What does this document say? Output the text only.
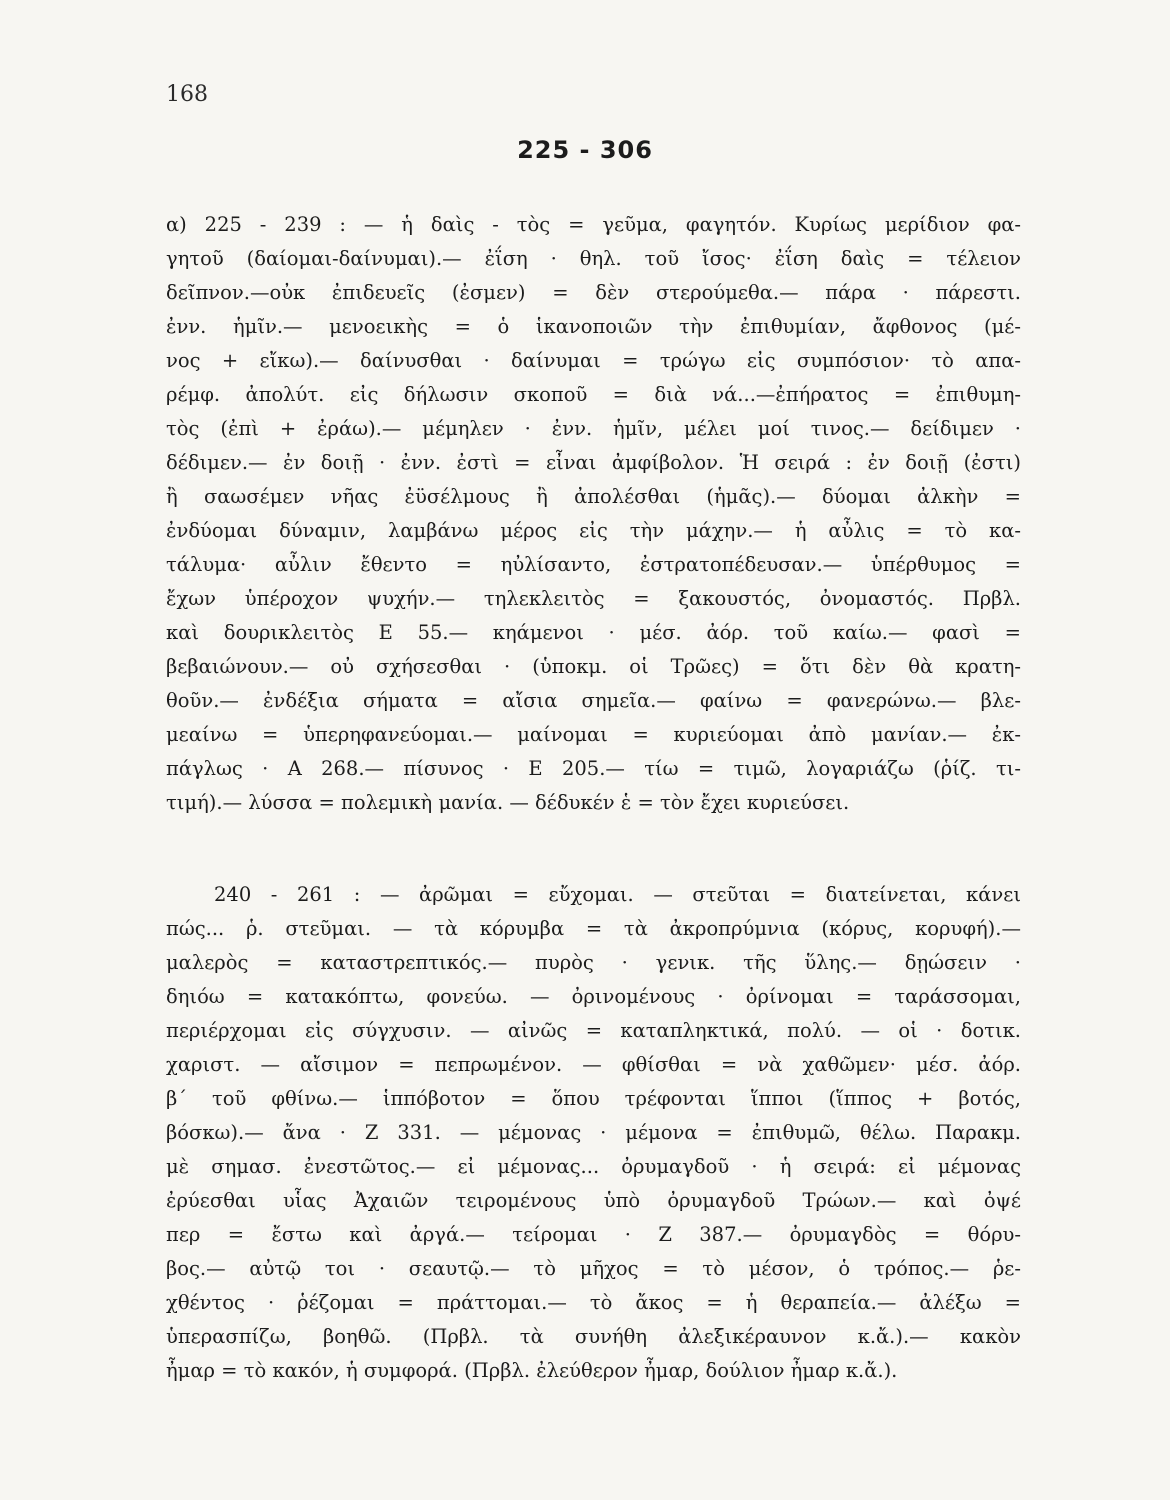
168
225 - 306
α) 225 - 239 : — ἡ δαὶς - τὸς = γεῦμα, φαγητόν. Κυρίως μερίδιον φα-
γητοῦ (δαίομαι-δαίνυμαι).— ἐΐση · θηλ. τοῦ ἴσος· ἐΐση δαὶς = τέλειον
δεῖπνον.—οὐκ ἐπιδευεῖς (ἐσμεν) = δὲν στερούμεθα.— πάρα · πάρεστι.
ἐνν. ἡμῖν.— μενοεικὴς = ὁ ἱκανοποιῶν τὴν ἐπιθυμίαν, ἄφθονος (μέ-
νος + εἴκω).— δαίνυσθαι · δαίνυμαι = τρώγω εἰς συμπόσιον· τὸ απα-
ρέμφ. ἀπολύτ. εἰς δήλωσιν σκοποῦ = διὰ νά...—ἐπήρατος = ἐπιθυμη-
τὸς (ἐπὶ + ἐράω).— μέμηλεν · ἐνν. ἡμῖν, μέλει μοί τινος.— δείδιμεν ·
δέδιμεν.— ἐν δοιῇ · ἐνν. ἐστὶ = εἶναι ἀμφίβολον. Ἡ σειρά : ἐν δοιῇ (ἐστι)
ἢ σαωσέμεν νῆας ἐϋσέλμους ἢ ἀπολέσθαι (ἡμᾶς).— δύομαι ἀλκὴν =
ἐνδύομαι δύναμιν, λαμβάνω μέρος εἰς τὴν μάχην.— ἡ αὖλις = τὸ κα-
τάλυμα· αὖλιν ἔθεντο = ηὐλίσαντο, ἐστρατοπέδευσαν.— ὑπέρθυμος =
ἔχων ὑπέροχον ψυχήν.— τηλεκλειτὸς = ξακουστός, ὀνομαστός. Πρβλ.
καὶ δουρικλειτὸς Ε 55.— κηάμενοι · μέσ. ἀόρ. τοῦ καίω.— φασὶ =
βεβαιώνουν.— οὐ σχήσεσθαι · (ὑποκμ. οἱ Τρῶες) = ὅτι δὲν θὰ κρατη-
θοῦν.— ἐνδέξια σήματα = αἴσια σημεῖα.— φαίνω = φανερώνω.— βλε-
μεαίνω = ὑπερηφανεύομαι.— μαίνομαι = κυριεύομαι ἀπὸ μανίαν.— ἐκ-
πάγλως · Α 268.— πίσυνος · Ε 205.— τίω = τιμῶ, λογαριάζω (ῥίζ. τι-
τιμή).— λύσσα = πολεμικὴ μανία. — δέδυκέν ἑ = τὸν ἔχει κυριεύσει.
240 - 261 : — ἀρῶμαι = εὔχομαι. — στεῦται = διατείνεται, κάνει
πώς... ῥ. στεῦμαι. — τὰ κόρυμβα = τὰ ἀκροπρύμνια (κόρυς, κορυφή).—
μαλερὸς = καταστρεπτικός.— πυρὸς · γενικ. τῆς ὕλης.— δῃώσειν ·
δηιόω = κατακόπτω, φονεύω. — ὀρινομένους · ὀρίνομαι = ταράσσομαι,
περιέρχομαι εἰς σύγχυσιν. — αἰνῶς = καταπληκτικά, πολύ. — οἱ · δοτικ.
χαριστ. — αἴσιμον = πεπρωμένον. — φθίσθαι = νὰ χαθῶμεν· μέσ. ἀόρ.
β΄ τοῦ φθίνω.— ἱππόβοτον = ὅπου τρέφονται ἵπποι (ἵππος + βοτός,
βόσκω).— ἄνα · Ζ 331. — μέμονας · μέμονα = ἐπιθυμῶ, θέλω. Παρακμ.
μὲ σημασ. ἐνεστῶτος.— εἰ μέμονας... ὀρυμαγδοῦ · ἡ σειρά: εἰ μέμονας
ἐρύεσθαι υἷας Ἀχαιῶν τειρομένους ὑπὸ ὀρυμαγδοῦ Τρώων.— καὶ ὀψέ
περ = ἔστω καὶ ἀργά.— τείρομαι · Ζ 387.— ὀρυμαγδὸς = θόρυ-
βος.— αὐτῷ τοι · σεαυτῷ.— τὸ μῆχος = τὸ μέσον, ὁ τρόπος.— ῥε-
χθέντος · ῥέζομαι = πράττομαι.— τὸ ἄκος = ἡ θεραπεία.— ἀλέξω =
ὑπερασπίζω, βοηθῶ. (Πρβλ. τὰ συνήθη ἀλεξικέραυνον κ.ἄ.).— κακὸν
ἦμαρ = τὸ κακόν, ἡ συμφορά. (Πρβλ. ἐλεύθερον ἦμαρ, δούλιον ἦμαρ κ.ἄ.).
